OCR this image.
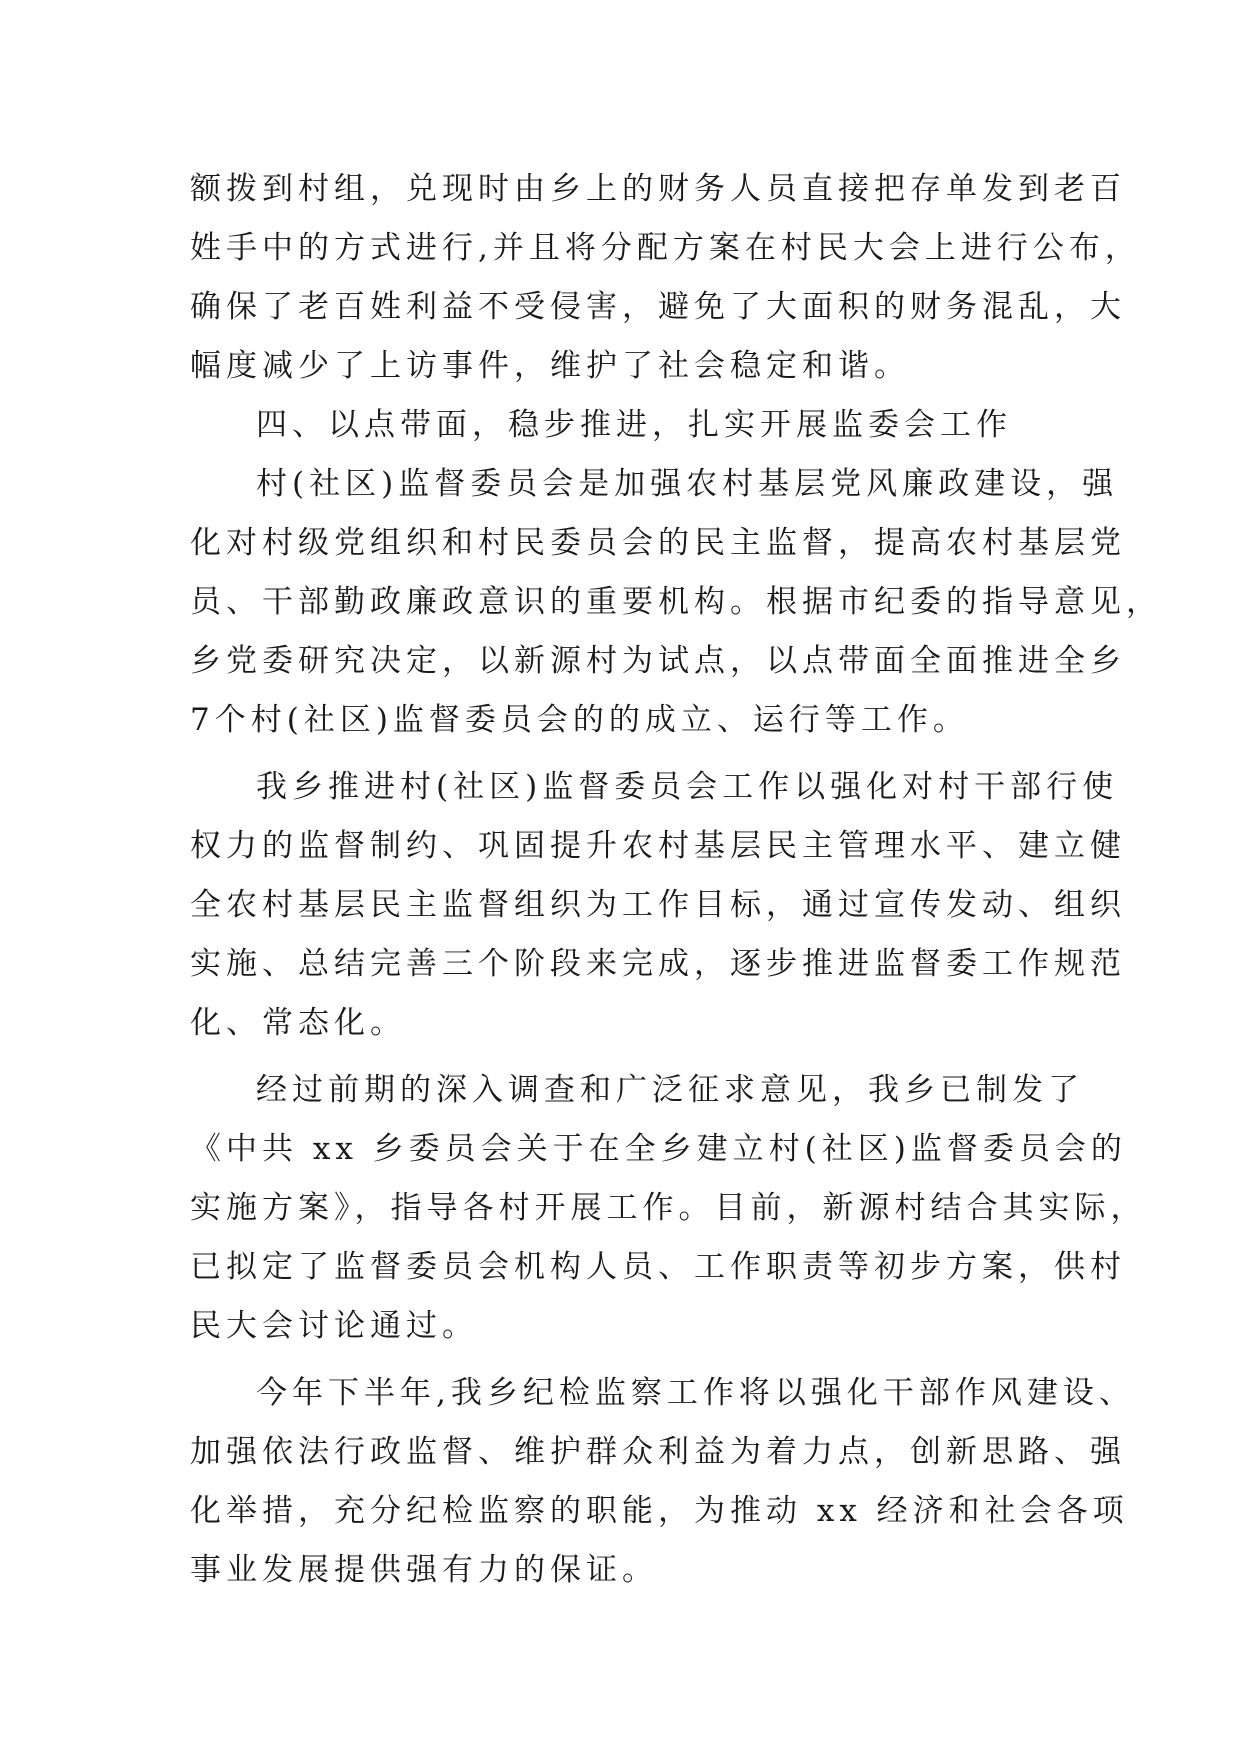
额拨到村组，兑现时由乡上的财务人员直接把存单发到老百
姓手中的方式进行,并且将分配方案在村民大会上进行公布，
确保了老百姓利益不受侵害，避免了大面积的财务混乱，大
幅度减少了上访事件，维护了社会稳定和谐。
四、以点带面，稳步推进，扎实开展监委会工作
村(社区)监督委员会是加强农村基层党风廉政建设，强
化对村级党组织和村民委员会的民主监督，提高农村基层党
员、干部勤政廉政意识的重要机构。根据市纪委的指导意见，
乡党委研究决定，以新源村为试点，以点带面全面推进全乡
7个村(社区)监督委员会的的成立、运行等工作。
我乡推进村(社区)监督委员会工作以强化对村干部行使
权力的监督制约、巩固提升农村基层民主管理水平、建立健
全农村基层民主监督组织为工作目标，通过宣传发动、组织
实施、总结完善三个阶段来完成，逐步推进监督委工作规范
化、常态化。
经过前期的深入调查和广泛征求意见，我乡已制发了
《中共 xx 乡委员会关于在全乡建立村(社区)监督委员会的
实施方案》，指导各村开展工作。目前，新源村结合其实际，
已拟定了监督委员会机构人员、工作职责等初步方案，供村
民大会讨论通过。
今年下半年,我乡纪检监察工作将以强化干部作风建设、
加强依法行政监督、维护群众利益为着力点，创新思路、强
化举措，充分纪检监察的职能，为推动 xx 经济和社会各项
事业发展提供强有力的保证。
